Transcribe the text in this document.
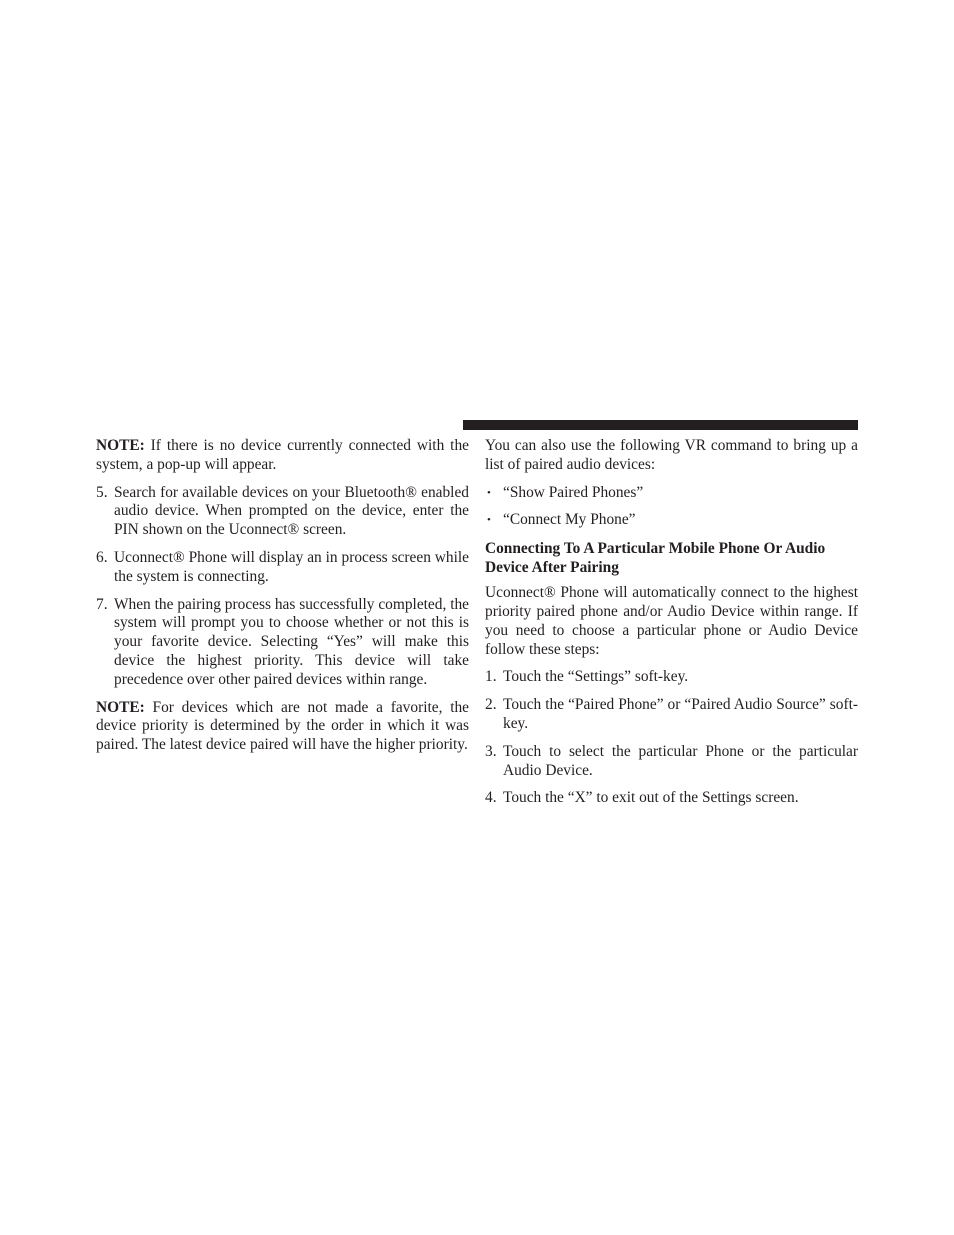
NOTE: If there is no device currently connected with the system, a pop-up will appear.

5. Search for available devices on your Bluetooth® enabled audio device. When prompted on the device, enter the PIN shown on the Uconnect® screen.
6. Uconnect® Phone will display an in process screen while the system is connecting.
7. When the pairing process has successfully completed, the system will prompt you to choose whether or not this is your favorite device. Selecting “Yes” will make this device the highest priority. This device will take precedence over other paired devices within range.

NOTE: For devices which are not made a favorite, the device priority is determined by the order in which it was paired. The latest device paired will have the higher priority.

You can also use the following VR command to bring up a list of paired audio devices:

• “Show Paired Phones”
• “Connect My Phone”
Connecting To A Particular Mobile Phone Or Audio Device After Pairing

Uconnect® Phone will automatically connect to the highest priority paired phone and/or Audio Device within range. If you need to choose a particular phone or Audio Device follow these steps:

1. Touch the “Settings” soft-key.
2. Touch the “Paired Phone” or “Paired Audio Source” soft-key.
3. Touch to select the particular Phone or the particular Audio Device.
4. Touch the “X” to exit out of the Settings screen.
